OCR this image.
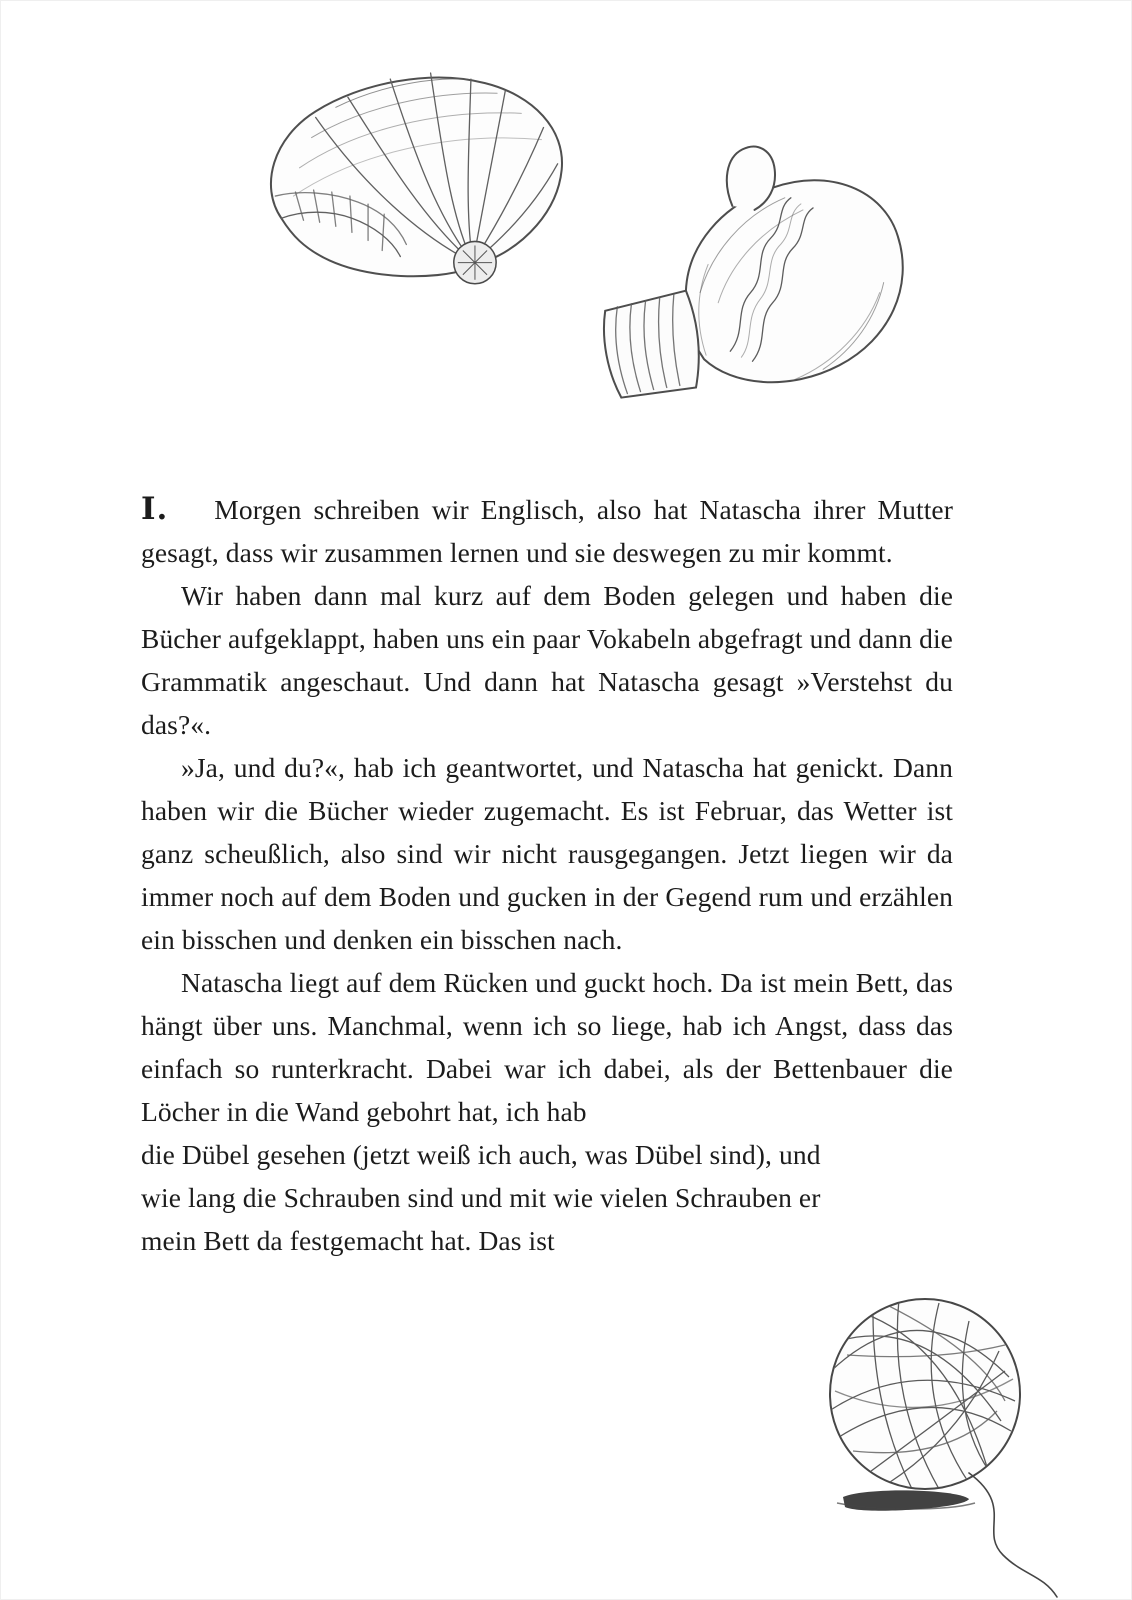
I. Morgen schreiben wir Englisch, also hat Natascha ihrer Mutter gesagt, dass wir zusammen lernen und sie deswegen zu mir kommt.

Wir haben dann mal kurz auf dem Boden gelegen und haben die Bücher aufgeklappt, haben uns ein paar Vokabeln abgefragt und dann die Grammatik angeschaut. Und dann hat Natascha gesagt »Verstehst du das?«.

»Ja, und du?«, hab ich geantwortet, und Natascha hat genickt. Dann haben wir die Bücher wieder zugemacht. Es ist Februar, das Wetter ist ganz scheußlich, also sind wir nicht rausgegangen. Jetzt liegen wir da immer noch auf dem Boden und gucken in der Gegend rum und erzählen ein bisschen und denken ein bisschen nach.

Natascha liegt auf dem Rücken und guckt hoch. Da ist mein Bett, das hängt über uns. Manchmal, wenn ich so liege, hab ich Angst, dass das einfach so runterkracht. Dabei war ich dabei, als der Bettenbauer die Löcher in die Wand gebohrt hat, ich hab

die Dübel gesehen (jetzt weiß ich auch, was Dübel sind), und wie lang die Schrauben sind und mit wie vielen Schrauben er mein Bett da festgemacht hat. Das ist
